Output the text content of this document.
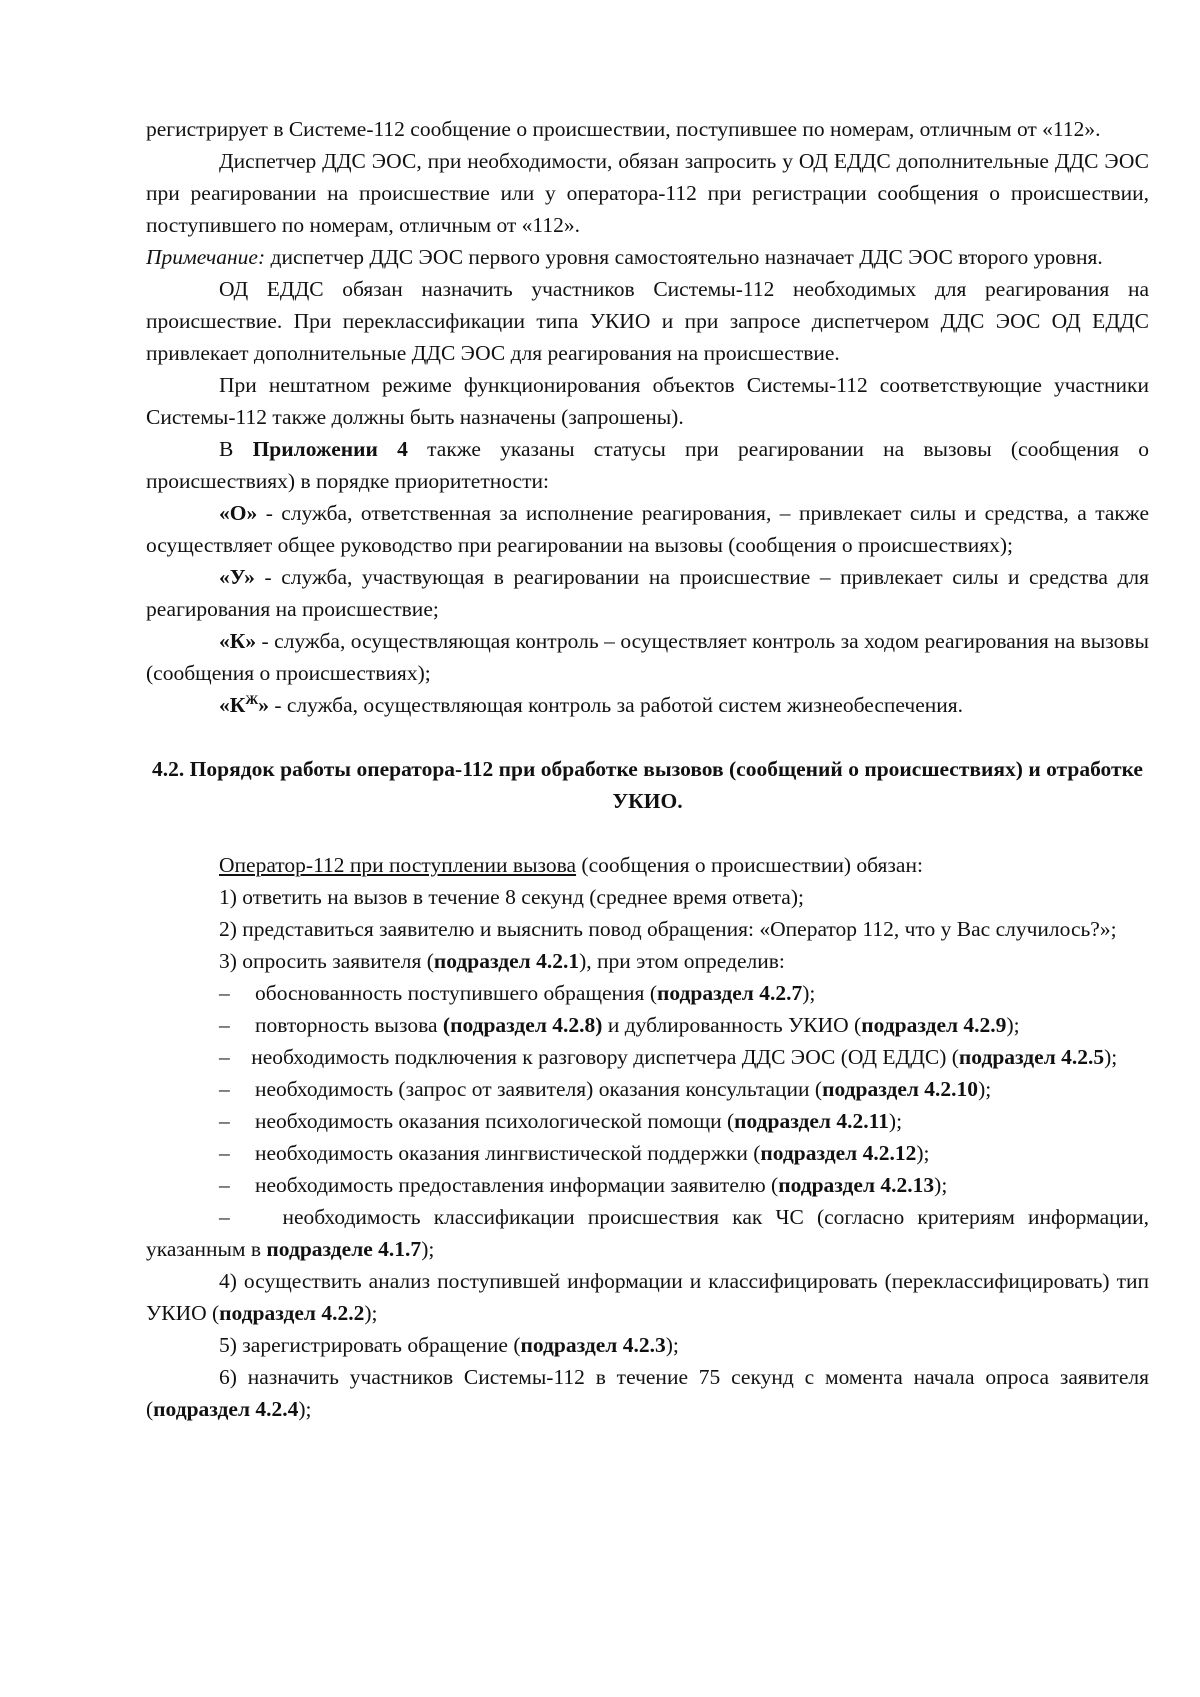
регистрирует в Системе-112 сообщение о происшествии, поступившее по номерам, отличным от «112».

Диспетчер ДДС ЭОС, при необходимости, обязан запросить у ОД ЕДДС дополнительные ДДС ЭОС при реагировании на происшествие или у оператора-112 при регистрации сообщения о происшествии, поступившего по номерам, отличным от «112».

Примечание: диспетчер ДДС ЭОС первого уровня самостоятельно назначает ДДС ЭОС второго уровня.

ОД ЕДДС обязан назначить участников Системы-112 необходимых для реагирования на происшествие. При переклассификации типа УКИО и при запросе диспетчером ДДС ЭОС ОД ЕДДС привлекает дополнительные ДДС ЭОС для реагирования на происшествие.

При нештатном режиме функционирования объектов Системы-112 соответствующие участники Системы-112 также должны быть назначены (запрошены).

В Приложении 4 также указаны статусы при реагировании на вызовы (сообщения о происшествиях) в порядке приоритетности:

«О» - служба, ответственная за исполнение реагирования, – привлекает силы и средства, а также осуществляет общее руководство при реагировании на вызовы (сообщения о происшествиях);

«У» - служба, участвующая в реагировании на происшествие – привлекает силы и средства для реагирования на происшествие;

«К» - служба, осуществляющая контроль – осуществляет контроль за ходом реагирования на вызовы (сообщения о происшествиях);

«$К^Ж$» - служба, осуществляющая контроль за работой систем жизнеобеспечения.

4.2. Порядок работы оператора-112 при обработке вызовов (сообщений о происшествиях) и отработке УКИО.

Оператор-112 при поступлении вызова (сообщения о происшествии) обязан:

1) ответить на вызов в течение 8 секунд (среднее время ответа);

2) представиться заявителю и выяснить повод обращения: «Оператор 112, что у Вас случилось?»;

3) опросить заявителя (подраздел 4.2.1), при этом определив:

–	обоснованность поступившего обращения (подраздел 4.2.7);
–	повторность вызова (подраздел 4.2.8) и дублированность УКИО (подраздел 4.2.9);

– необходимость подключения к разговору диспетчера ДДС ЭОС (ОД ЕДДС) (подраздел 4.2.5);

–	необходимость (запрос от заявителя) оказания консультации (подраздел 4.2.10);
–	необходимость оказания психологической помощи (подраздел 4.2.11);
–	необходимость оказания лингвистической поддержки (подраздел 4.2.12);
–	необходимость предоставления информации заявителю (подраздел 4.2.13);

– необходимость классификации происшествия как ЧС (согласно критериям информации, указанным в подразделе 4.1.7);

4) осуществить анализ поступившей информации и классифицировать (переклассифицировать) тип УКИО (подраздел 4.2.2);

5) зарегистрировать обращение (подраздел 4.2.3);

6) назначить участников Системы-112 в течение 75 секунд с момента начала опроса заявителя (подраздел 4.2.4);
